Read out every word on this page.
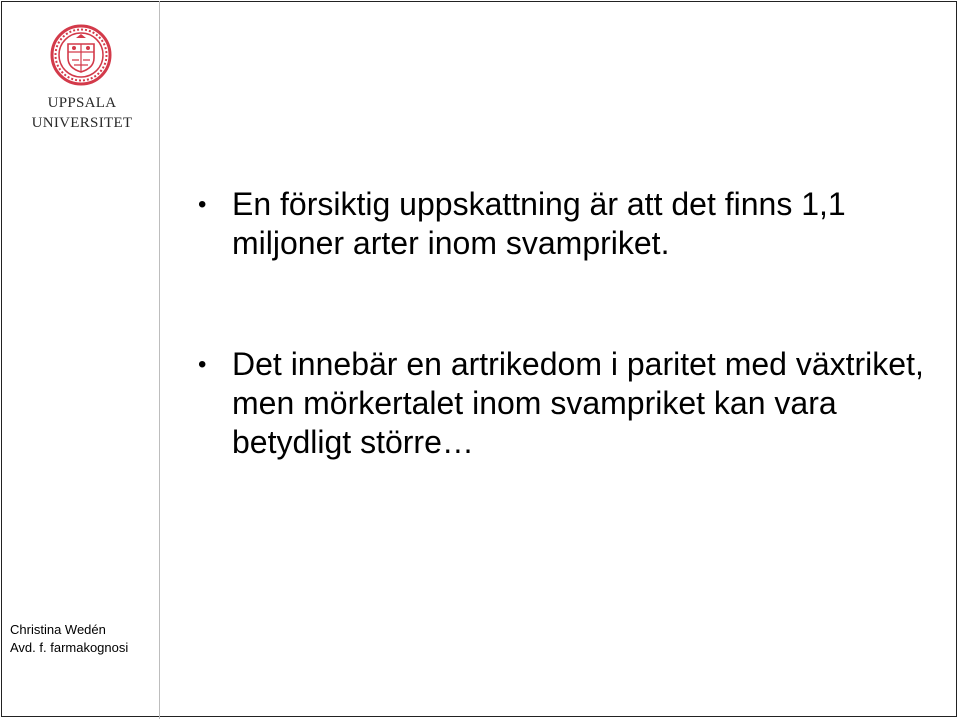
UPPSALA
UNIVERSITET
• En försiktig uppskattning är att det finns 1,1 miljoner arter inom svampriket.
• Det innebär en artrikedom i paritet med växtriket, men mörkertalet inom svampriket kan vara betydligt större…
Christina Wedén
Avd. f. farmakognosi
